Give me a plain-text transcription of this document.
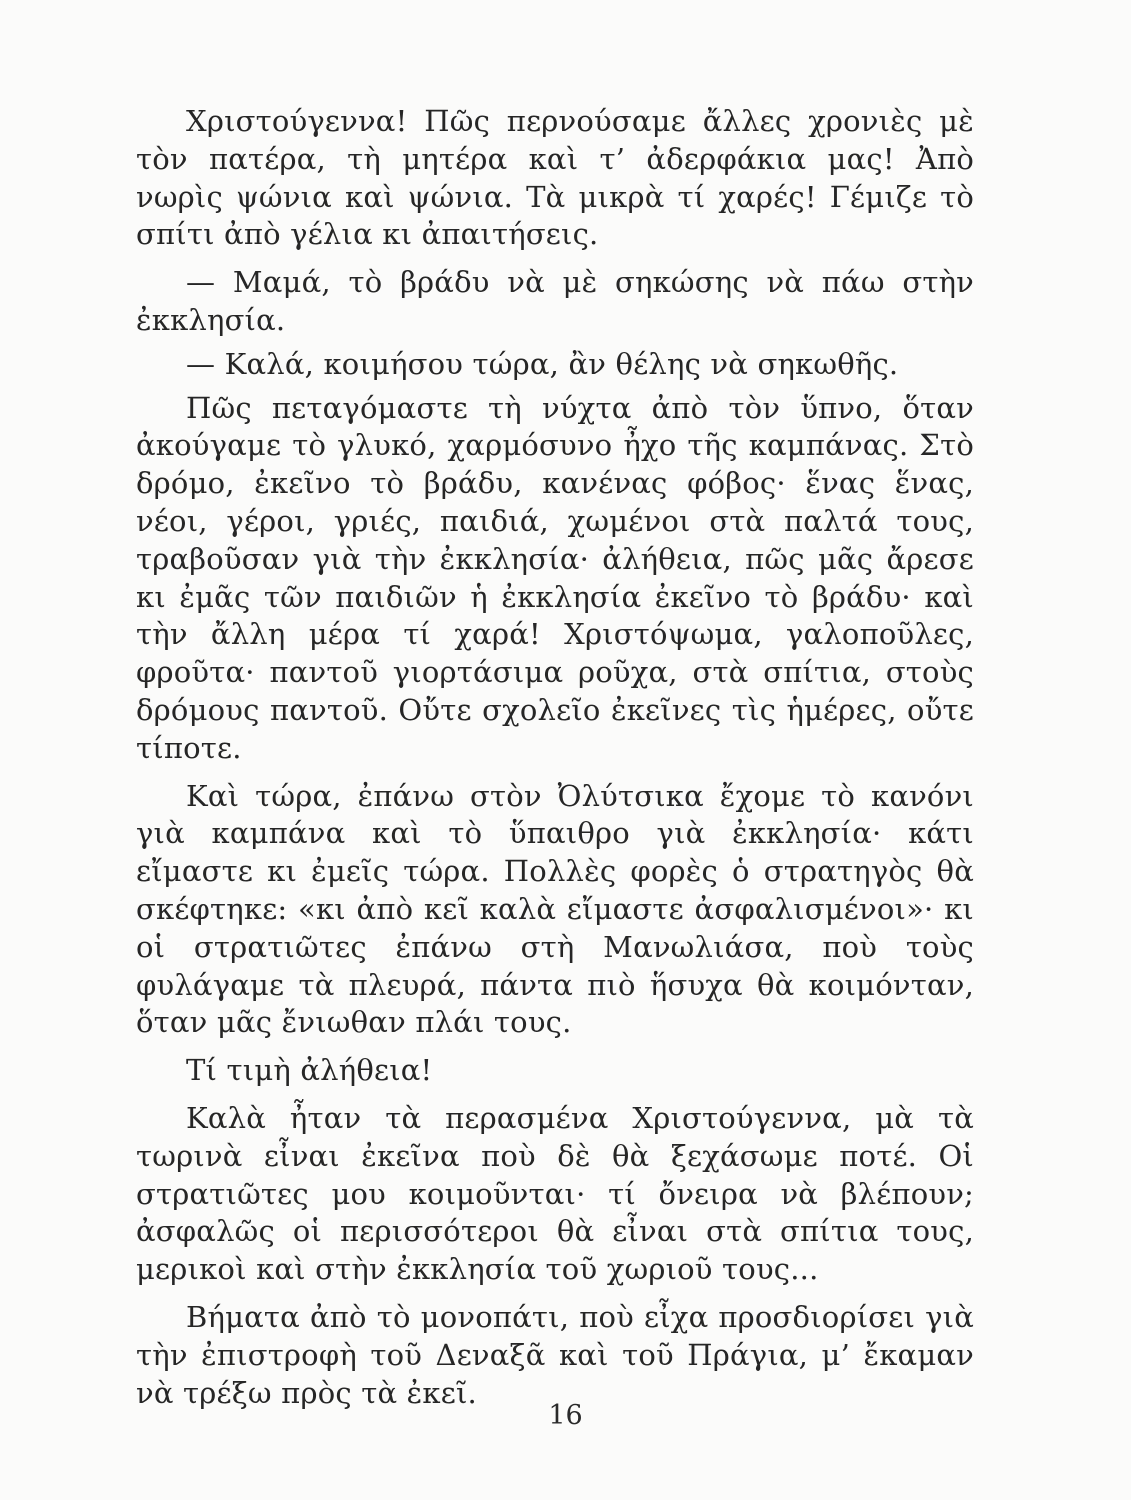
Χριστούγεννα! Πῶς περνούσαμε ἄλλες χρονιὲς μὲ τὸν πατέρα, τὴ μητέρα καὶ τ’ ἀδερφάκια μας! Ἀπὸ νωρὶς ψώνια καὶ ψώνια. Τὰ μικρὰ τί χαρές! Γέμιζε τὸ σπίτι ἀπὸ γέλια κι ἀπαιτήσεις.

— Μαμά, τὸ βράδυ νὰ μὲ σηκώσης νὰ πάω στὴν ἐκκλησία.

— Καλά, κοιμήσου τώρα, ἂν θέλης νὰ σηκωθῆς.

Πῶς πεταγόμαστε τὴ νύχτα ἀπὸ τὸν ὕπνο, ὅταν ἀκούγαμε τὸ γλυκό, χαρμόσυνο ἦχο τῆς καμπάνας. Στὸ δρόμο, ἐκεῖνο τὸ βράδυ, κανένας φόβος· ἕνας ἕνας, νέοι, γέροι, γριές, παιδιά, χωμένοι στὰ παλτά τους, τραβοῦσαν γιὰ τὴν ἐκκλησία· ἀλήθεια, πῶς μᾶς ἄρεσε κι ἐμᾶς τῶν παιδιῶν ἡ ἐκκλησία ἐκεῖνο τὸ βράδυ· καὶ τὴν ἄλλη μέρα τί χαρά! Χριστόψωμα, γαλοποῦλες, φροῦτα· παντοῦ γιορτάσιμα ροῦχα, στὰ σπίτια, στοὺς δρόμους παντοῦ. Οὔτε σχολεῖο ἐκεῖνες τὶς ἡμέρες, οὔτε τίποτε.

Καὶ τώρα, ἐπάνω στὸν Ὀλύτσικα ἔχομε τὸ κανόνι γιὰ καμπάνα καὶ τὸ ὕπαιθρο γιὰ ἐκκλησία· κάτι εἴμαστε κι ἐμεῖς τώρα. Πολλὲς φορὲς ὁ στρατηγὸς θὰ σκέφτηκε: «κι ἀπὸ κεῖ καλὰ εἴμαστε ἀσφαλισμένοι»· κι οἱ στρατιῶτες ἐπάνω στὴ Μανωλιάσα, ποὺ τοὺς φυλάγαμε τὰ πλευρά, πάντα πιὸ ἥσυχα θὰ κοιμόνταν, ὅταν μᾶς ἔνιωθαν πλάι τους.

Τί τιμὴ ἀλήθεια!

Καλὰ ἦταν τὰ περασμένα Χριστούγεννα, μὰ τὰ τωρινὰ εἶναι ἐκεῖνα ποὺ δὲ θὰ ξεχάσωμε ποτέ. Οἱ στρατιῶτες μου κοιμοῦνται· τί ὄνειρα νὰ βλέπουν; ἀσφαλῶς οἱ περισσότεροι θὰ εἶναι στὰ σπίτια τους, μερικοὶ καὶ στὴν ἐκκλησία τοῦ χωριοῦ τους...

Βήματα ἀπὸ τὸ μονοπάτι, ποὺ εἶχα προσδιορίσει γιὰ τὴν ἐπιστροφὴ τοῦ Δεναξᾶ καὶ τοῦ Πράγια, μ’ ἔκαμαν νὰ τρέξω πρὸς τὰ ἐκεῖ.

16
